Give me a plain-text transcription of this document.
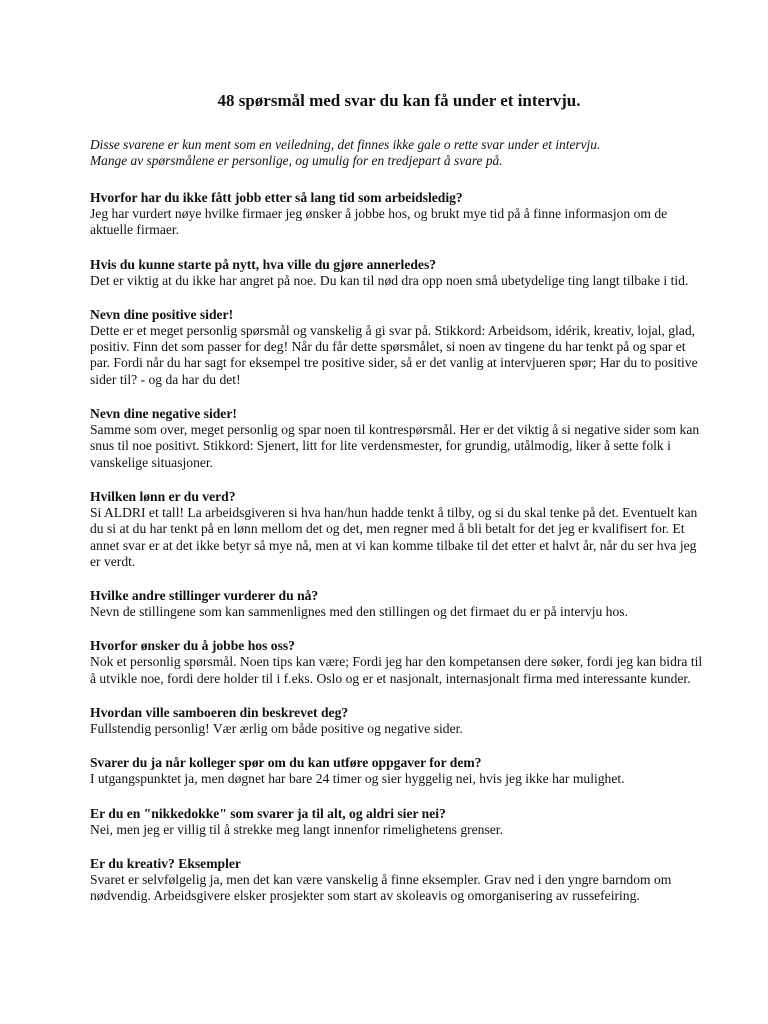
48 spørsmål med svar du kan få under et intervju.

Disse svarene er kun ment som en veiledning, det finnes ikke gale o rette svar under et intervju.

Mange av spørsmålene er personlige, og umulig for en tredjepart å svare på.

Hvorfor har du ikke fått jobb etter så lang tid som arbeidsledig?
Jeg har vurdert nøye hvilke firmaer jeg ønsker å jobbe hos, og brukt mye tid på å finne informasjon om de aktuelle firmaer.
Hvis du kunne starte på nytt, hva ville du gjøre annerledes?
Det er viktig at du ikke har angret på noe. Du kan til nød dra opp noen små ubetydelige ting langt tilbake i tid.
Nevn dine positive sider!
Dette er et meget personlig spørsmål og vanskelig å gi svar på. Stikkord: Arbeidsom, idérik, kreativ, lojal, glad, positiv. Finn det som passer for deg! Når du får dette spørsmålet, si noen av tingene du har tenkt på og spar et par. Fordi når du har sagt for eksempel tre positive sider, så er det vanlig at intervjueren spør; Har du to positive sider til? - og da har du det!
Nevn dine negative sider!
Samme som over, meget personlig og spar noen til kontrespørsmål. Her er det viktig å si negative sider som kan snus til noe positivt. Stikkord: Sjenert, litt for lite verdensmester, for grundig, utålmodig, liker å sette folk i vanskelige situasjoner.
Hvilken lønn er du verd?
Si ALDRI et tall! La arbeidsgiveren si hva han/hun hadde tenkt å tilby, og si du skal tenke på det. Eventuelt kan du si at du har tenkt på en lønn mellom det og det, men regner med å bli betalt for det jeg er kvalifisert for. Et annet svar er at det ikke betyr så mye nå, men at vi kan komme tilbake til det etter et halvt år, når du ser hva jeg er verdt.
Hvilke andre stillinger vurderer du nå?
Nevn de stillingene som kan sammenlignes med den stillingen og det firmaet du er på intervju hos.
Hvorfor ønsker du å jobbe hos oss?
Nok et personlig spørsmål. Noen tips kan være; Fordi jeg har den kompetansen dere søker, fordi jeg kan bidra til å utvikle noe, fordi dere holder til i f.eks. Oslo og er et nasjonalt, internasjonalt firma med interessante kunder.
Hvordan ville samboeren din beskrevet deg?
Fullstendig personlig! Vær ærlig om både positive og negative sider.
Svarer du ja når kolleger spør om du kan utføre oppgaver for dem?
I utgangspunktet ja, men døgnet har bare 24 timer og sier hyggelig nei, hvis jeg ikke har mulighet.
Er du en "nikkedokke" som svarer ja til alt, og aldri sier nei?
Nei, men jeg er villig til å strekke meg langt innenfor rimelighetens grenser.
Er du kreativ? Eksempler
Svaret er selvfølgelig ja, men det kan være vanskelig å finne eksempler. Grav ned i den yngre barndom om nødvendig. Arbeidsgivere elsker prosjekter som start av skoleavis og omorganisering av russefeiring.
